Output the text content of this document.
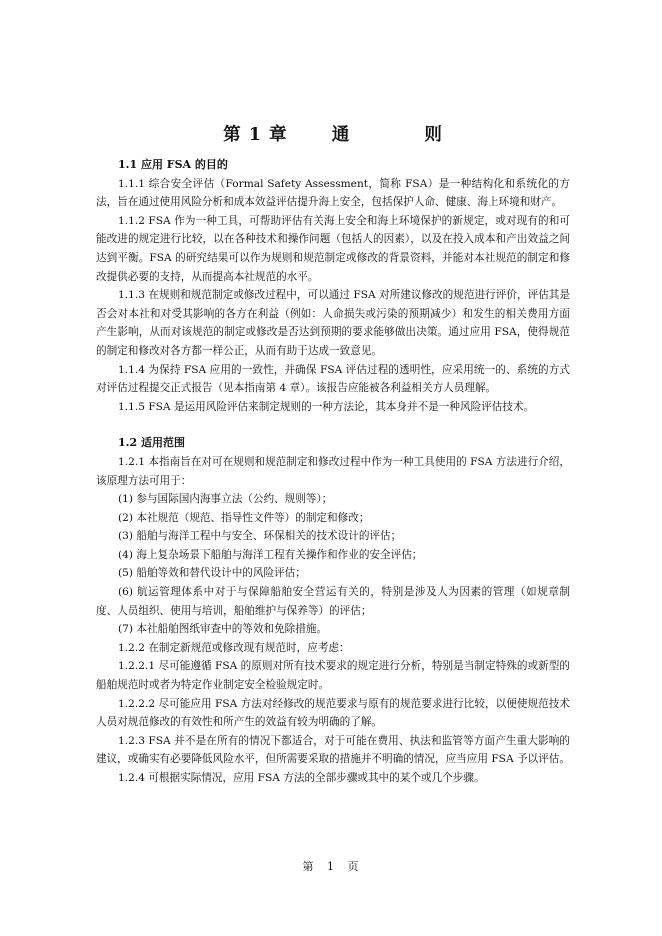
第 1 章	通	则
1.1 应用 FSA 的目的

1.1.1 综合安全评估（Formal Safety Assessment，简称 FSA）是一种结构化和系统化的方法，旨在通过使用风险分析和成本效益评估提升海上安全，包括保护人命、健康、海上环境和财产。

1.1.2 FSA 作为一种工具，可帮助评估有关海上安全和海上环境保护的新规定，或对现有的和可能改进的规定进行比较，以在各种技术和操作问题（包括人的因素），以及在投入成本和产出效益之间达到平衡。FSA 的研究结果可以作为规则和规范制定或修改的背景资料，并能对本社规范的制定和修改提供必要的支持，从而提高本社规范的水平。

1.1.3 在规则和规范制定或修改过程中，可以通过 FSA 对所建议修改的规范进行评价，评估其是否会对本社和对受其影响的各方在利益（例如：人命损失或污染的预期减少）和发生的相关费用方面产生影响，从而对该规范的制定或修改是否达到预期的要求能够做出决策。通过应用 FSA，使得规范的制定和修改对各方都一样公正，从而有助于达成一致意见。

1.1.4 为保持 FSA 应用的一致性，并确保 FSA 评估过程的透明性，应采用统一的、系统的方式对评估过程提交正式报告（见本指南第 4 章）。该报告应能被各利益相关方人员理解。

1.1.5 FSA 是运用风险评估来制定规则的一种方法论，其本身并不是一种风险评估技术。

1.2 适用范围

1.2.1 本指南旨在对可在规则和规范制定和修改过程中作为一种工具使用的 FSA 方法进行介绍，该原理方法可用于：

(1) 参与国际国内海事立法（公约、规则等）；

(2) 本社规范（规范、指导性文件等）的制定和修改；

(3) 船舶与海洋工程中与安全、环保相关的技术设计的评估；

(4) 海上复杂场景下船舶与海洋工程有关操作和作业的安全评估；

(5) 船舶等效和替代设计中的风险评估；

(6) 航运管理体系中对于与保障船舶安全营运有关的，特别是涉及人为因素的管理（如规章制度、人员组织、使用与培训，船舶维护与保养等）的评估；

(7) 本社船舶图纸审查中的等效和免除措施。

1.2.2 在制定新规范或修改现有规范时，应考虑：

1.2.2.1 尽可能遵循 FSA 的原则对所有技术要求的规定进行分析，特别是当制定特殊的或新型的船舶规范时或者为特定作业制定安全检验规定时。

1.2.2.2 尽可能应用 FSA 方法对经修改的规范要求与原有的规范要求进行比较，以便使规范技术人员对规范修改的有效性和所产生的效益有较为明确的了解。

1.2.3 FSA 并不是在所有的情况下都适合，对于可能在费用、执法和监管等方面产生重大影响的建议，或确实有必要降低风险水平，但所需要采取的措施并不明确的情况，应当应用 FSA 予以评估。

1.2.4 可根据实际情况，应用 FSA 方法的全部步骤或其中的某个或几个步骤。

第 1 页
